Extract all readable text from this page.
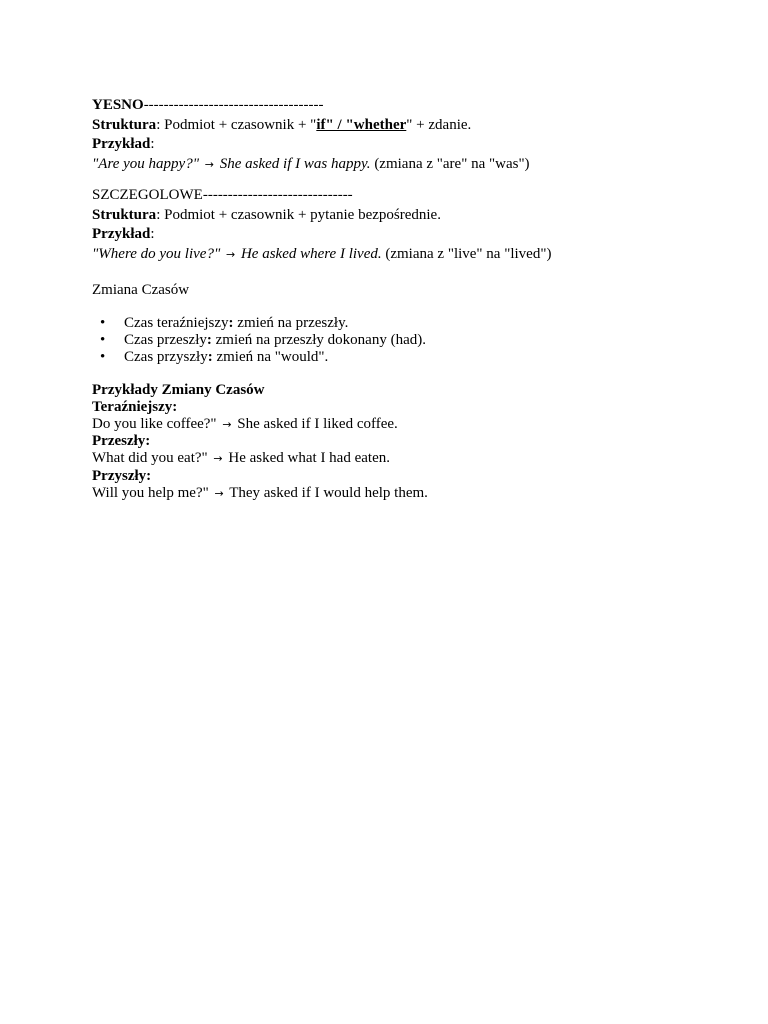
YESNO------------------------------------
Struktura: Podmiot + czasownik + "if" / "whether" + zdanie.
Przykład:
"Are you happy?" → She asked if I was happy. (zmiana z "are" na "was")
SZCZEGOLOWE------------------------------
Struktura: Podmiot + czasownik + pytanie bezpośrednie.
Przykład:
"Where do you live?" → He asked where I lived. (zmiana z "live" na "lived")
Zmiana Czasów
• Czas teraźniejszy: zmień na przeszły.
• Czas przeszły: zmień na przeszły dokonany (had).
• Czas przyszły: zmień na "would".
Przykłady Zmiany Czasów
Teraźniejszy:
Do you like coffee?" → She asked if I liked coffee.
Przeszły:
What did you eat?" → He asked what I had eaten.
Przyszły:
Will you help me?" → They asked if I would help them.
